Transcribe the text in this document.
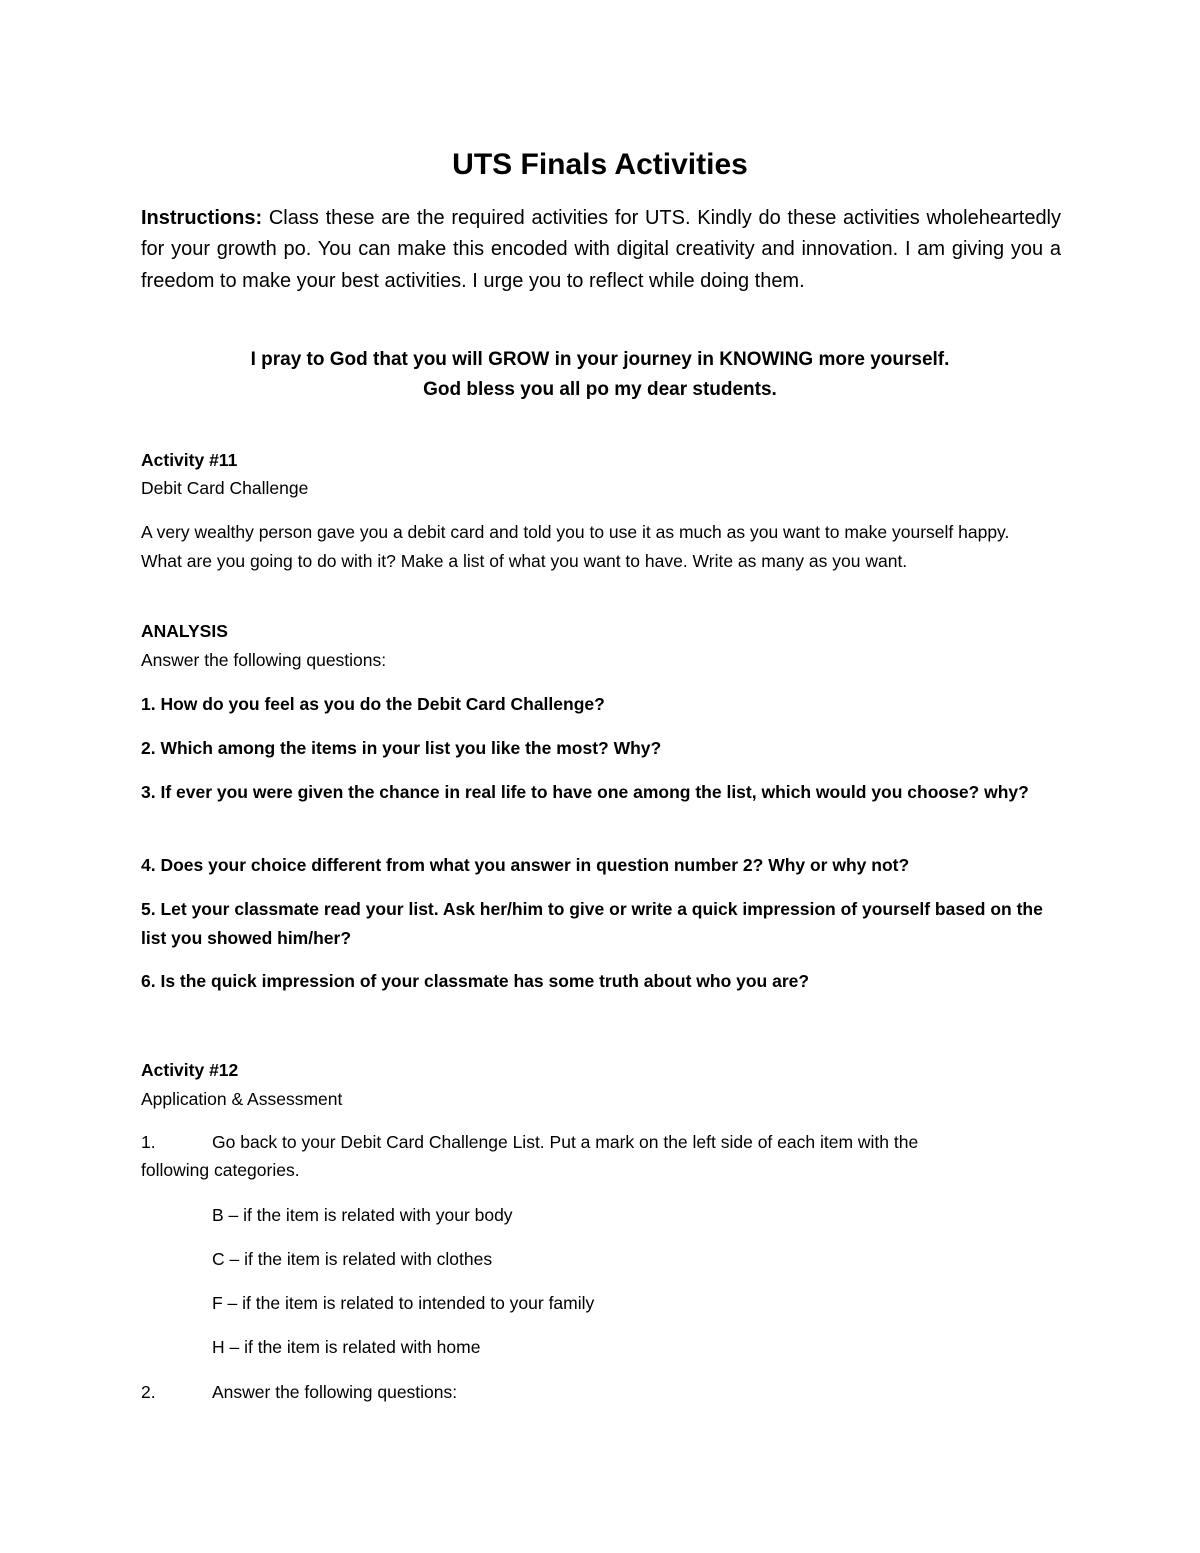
UTS Finals Activities

Instructions: Class these are the required activities for UTS. Kindly do these activities wholeheartedly for your growth po. You can make this encoded with digital creativity and innovation. I am giving you a freedom to make your best activities. I urge you to reflect while doing them.

I pray to God that you will GROW in your journey in KNOWING more yourself.
God bless you all po my dear students.
Activity #11
Debit Card Challenge

A very wealthy person gave you a debit card and told you to use it as much as you want to make yourself happy. What are you going to do with it? Make a list of what you want to have. Write as many as you want.

ANALYSIS
Answer the following questions:

1. How do you feel as you do the Debit Card Challenge?

2. Which among the items in your list you like the most? Why?

3. If ever you were given the chance in real life to have one among the list, which would you choose? why?

4. Does your choice different from what you answer in question number 2? Why or why not?

5. Let your classmate read your list. Ask her/him to give or write a quick impression of yourself based on the list you showed him/her?

6. Is the quick impression of your classmate has some truth about who you are?

Activity #12
Application & Assessment
1.	Go back to your Debit Card Challenge List. Put a mark on the left side of each item with the
following categories.
B – if the item is related with your body
C – if the item is related with clothes
F – if the item is related to intended to your family
H – if the item is related with home
2.	Answer the following questions:
